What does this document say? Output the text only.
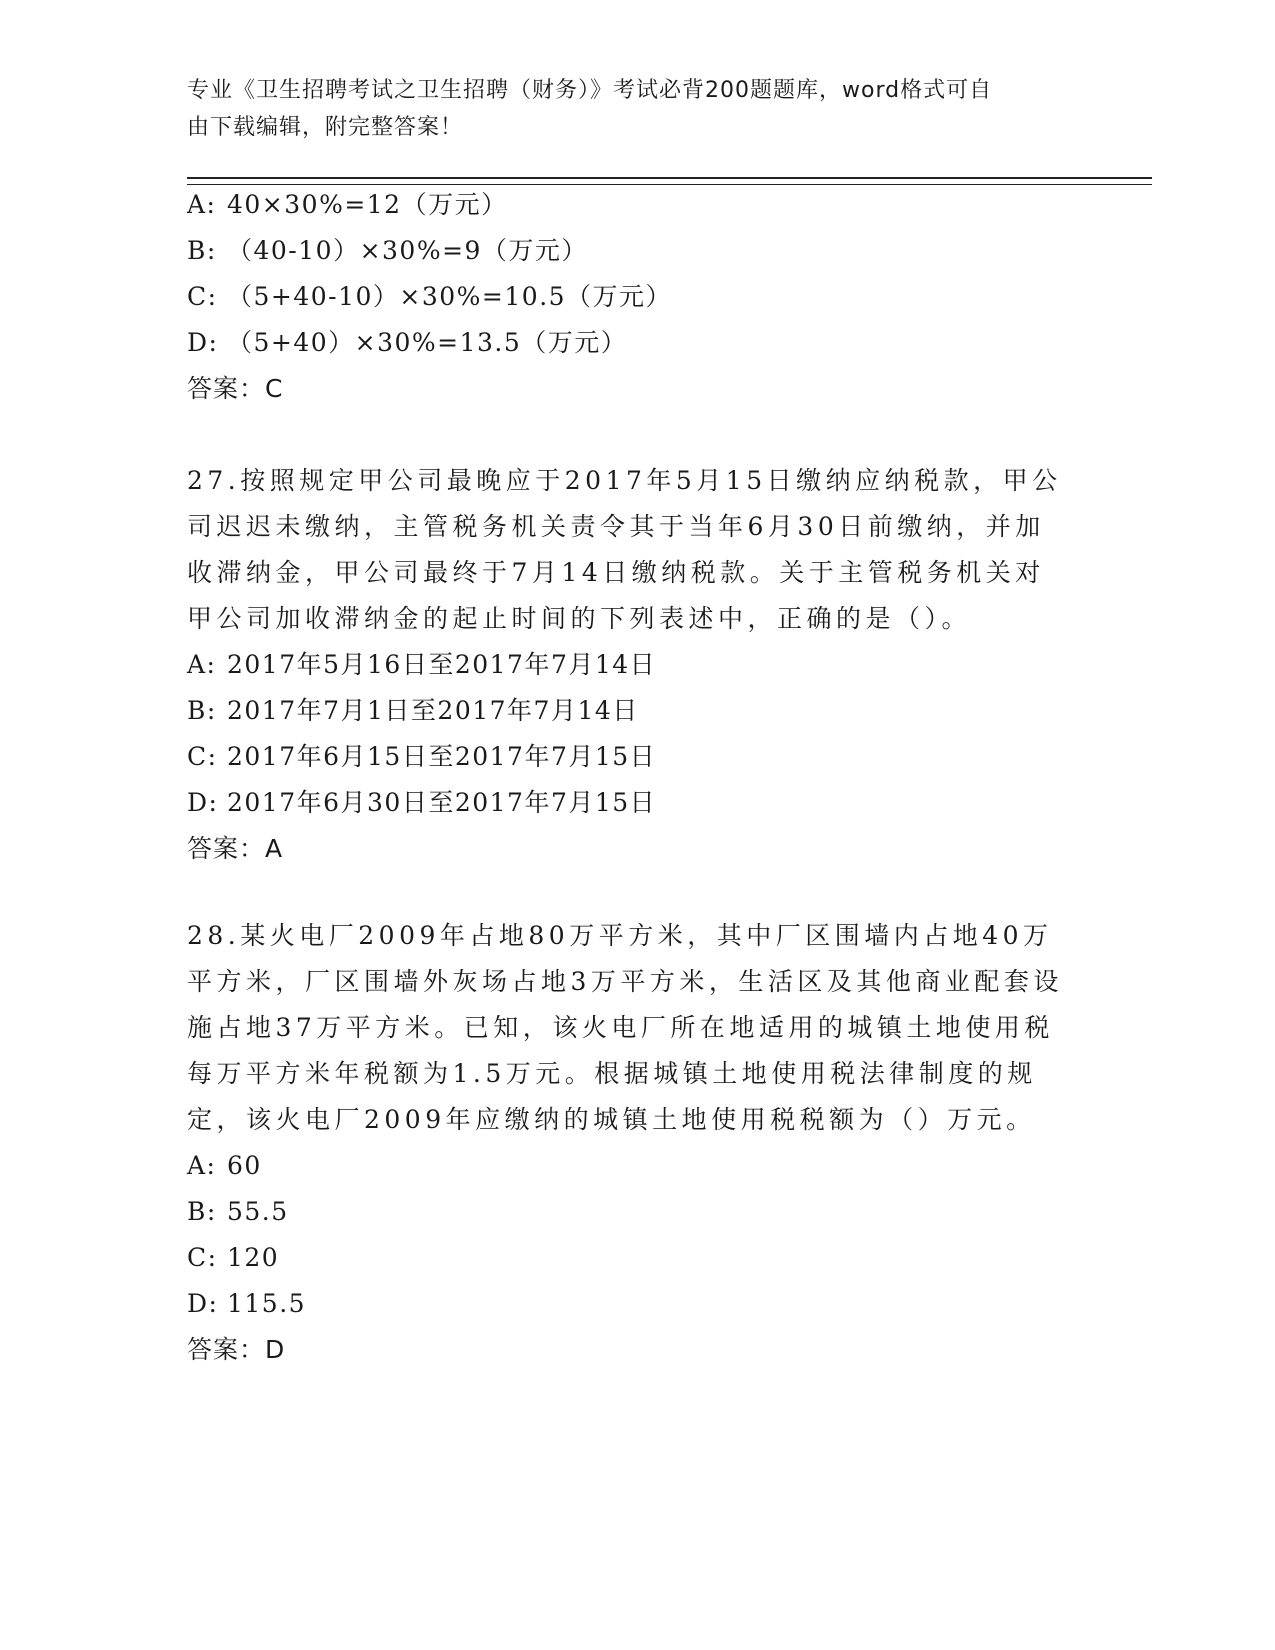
专业《卫生招聘考试之卫生招聘（财务）》考试必背200题题库，word格式可自
由下载编辑，附完整答案！
A: 40×30%=12（万元）
B: （40-10）×30%=9（万元）
C: （5+40-10）×30%=10.5（万元）
D: （5+40）×30%=13.5（万元）
答案：C
27.按照规定甲公司最晚应于2017年5月15日缴纳应纳税款，甲公司迟迟未缴纳，主管税务机关责令其于当年6月30日前缴纳，并加收滞纳金，甲公司最终于7月14日缴纳税款。关于主管税务机关对甲公司加收滞纳金的起止时间的下列表述中，正确的是（）。
A: 2017年5月16日至2017年7月14日
B: 2017年7月1日至2017年7月14日
C: 2017年6月15日至2017年7月15日
D: 2017年6月30日至2017年7月15日
答案：A
28.某火电厂2009年占地80万平方米，其中厂区围墙内占地40万平方米，厂区围墙外灰场占地3万平方米，生活区及其他商业配套设施占地37万平方米。已知，该火电厂所在地适用的城镇土地使用税每万平方米年税额为1.5万元。根据城镇土地使用税法律制度的规定，该火电厂2009年应缴纳的城镇土地使用税税额为（）万元。
A: 60
B: 55.5
C: 120
D: 115.5
答案：D
